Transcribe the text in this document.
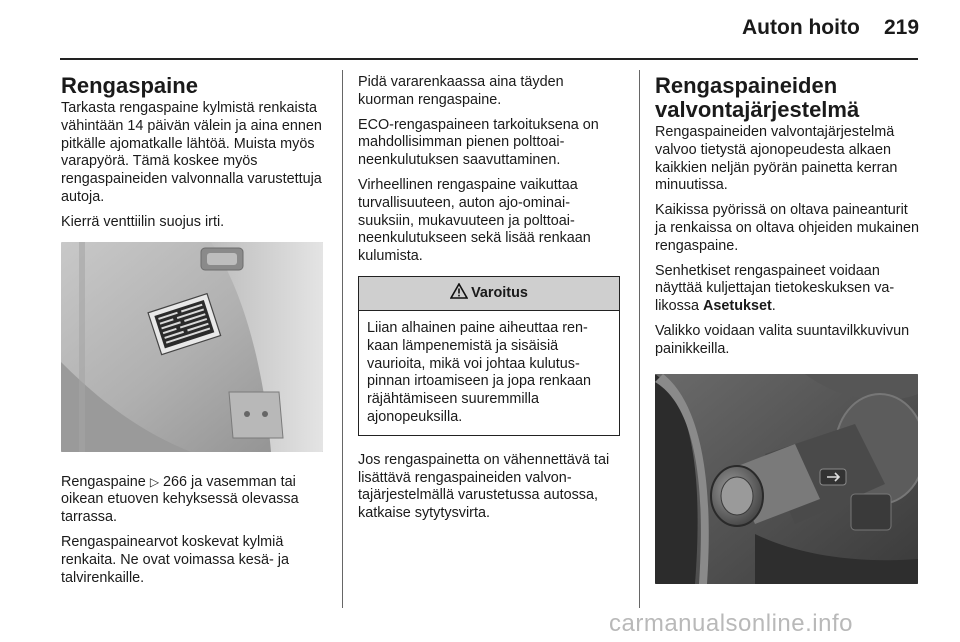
Auton hoito 219
Rengaspaine

Tarkasta rengaspaine kylmistä renkaista vähintään 14 päivän välein ja aina ennen pitkälle ajomatkalle lähtöä. Muista myös varapyörä. Tämä koskee myös rengaspaineiden valvonnalla varustettuja autoja.

Kierrä venttiilin suojus irti.

Rengaspaine ▷ 266 ja vasemman tai oikean etuoven kehyksessä olevassa tarrassa.

Rengaspainearvot koskevat kylmiä renkaita. Ne ovat voimassa kesä- ja talvirenkaille.

Pidä vararenkaassa aina täyden kuorman rengaspaine.

ECO-rengaspaineen tarkoituksena on mahdollisimman pienen polttoaineenkulutuksen saavuttaminen.

Virheellinen rengaspaine vaikuttaa turvallisuuteen, auton ajo-ominaisuuksiin, mukavuuteen ja polttoaineenkulutukseen sekä lisää renkaan kulumista.

Varoitus
Liian alhainen paine aiheuttaa renkaan lämpenemistä ja sisäisiä vaurioita, mikä voi johtaa kulutuspinnan irtoamiseen ja jopa renkaan räjähtämiseen suuremmilla ajonopeuksilla.

Jos rengaspainetta on vähennettävä tai lisättävä rengaspaineiden valvontajärjestelmällä varustetussa autossa, katkaise sytytysvirta.

Rengaspaineiden valvontajärjestelmä

Rengaspaineiden valvontajärjestelmä valvoo tietystä ajonopeudesta alkaen kaikkien neljän pyörän painetta kerran minuutissa.

Kaikissa pyörissä on oltava paineanturit ja renkaissa on oltava ohjeiden mukainen rengaspaine.

Senhetkiset rengaspaineet voidaan näyttää kuljettajan tietokeskuksen valikossa Asetukset.

Valikko voidaan valita suuntavilkkuvivun painikkeilla.

carmanualsonline.info
